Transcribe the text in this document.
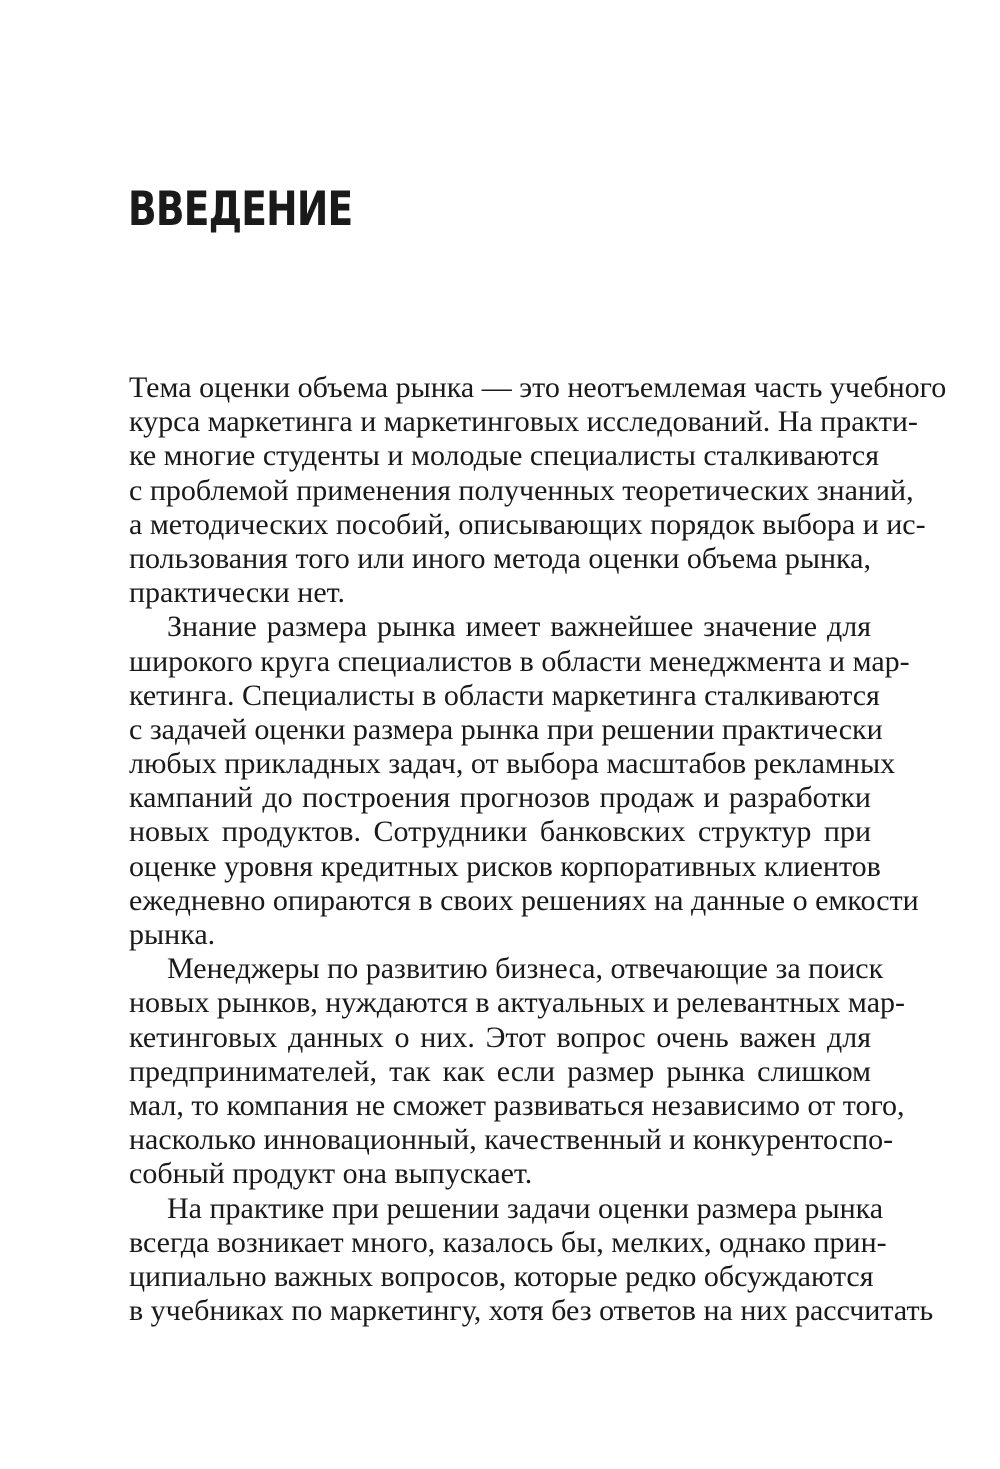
ВВЕДЕНИЕ
Тема оценки объема рынка — это неотъемлемая часть учебного
курса маркетинга и маркетинговых исследований. На практи-
ке многие студенты и молодые специалисты сталкиваются
с проблемой применения полученных теоретических знаний,
а методических пособий, описывающих порядок выбора и ис-
пользования того или иного метода оценки объема рынка,
практически нет.
Знание размера рынка имеет важнейшее значение для
широкого круга специалистов в области менеджмента и мар-
кетинга. Специалисты в области маркетинга сталкиваются
с задачей оценки размера рынка при решении практически
любых прикладных задач, от выбора масштабов рекламных
кампаний до построения прогнозов продаж и разработки
новых продуктов. Сотрудники банковских структур при
оценке уровня кредитных рисков корпоративных клиентов
ежедневно опираются в своих решениях на данные о емкости
рынка.
Менеджеры по развитию бизнеса, отвечающие за поиск
новых рынков, нуждаются в актуальных и релевантных мар-
кетинговых данных о них. Этот вопрос очень важен для
предпринимателей, так как если размер рынка слишком
мал, то компания не сможет развиваться независимо от того,
насколько инновационный, качественный и конкурентоспо-
собный продукт она выпускает.
На практике при решении задачи оценки размера рынка
всегда возникает много, казалось бы, мелких, однако прин-
ципиально важных вопросов, которые редко обсуждаются
в учебниках по маркетингу, хотя без ответов на них рассчитать
